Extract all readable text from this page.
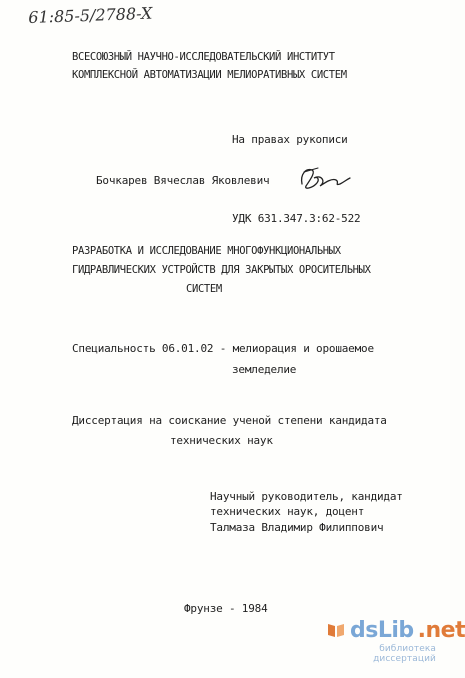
61:85-5/2788-X
ВСЕСОЮЗНЫЙ НАУЧНО-ИССЛЕДОВАТЕЛЬСКИЙ ИНСТИТУТ
КОМПЛЕКСНОЙ АВТОМАТИЗАЦИИ МЕЛИОРАТИВНЫХ СИСТЕМ
На правах рукописи
Бочкарев Вячеслав Яковлевич
УДК 631.347.3:62-522
РАЗРАБОТКА И ИССЛЕДОВАНИЕ МНОГОФУНКЦИОНАЛЬНЫХ
ГИДРАВЛИЧЕСКИХ УСТРОЙСТВ ДЛЯ ЗАКРЫТЫХ ОРОСИТЕЛЬНЫХ
СИСТЕМ
Специальность 06.01.02 - мелиорация и орошаемое
земледелие
Диссертация на соискание ученой степени кандидата
технических наук
Научный руководитель, кандидат
технических наук, доцент
Талмаза Владимир Филиппович
Фрунзе - 1984
dsLib .net
библиотека диссертаций
